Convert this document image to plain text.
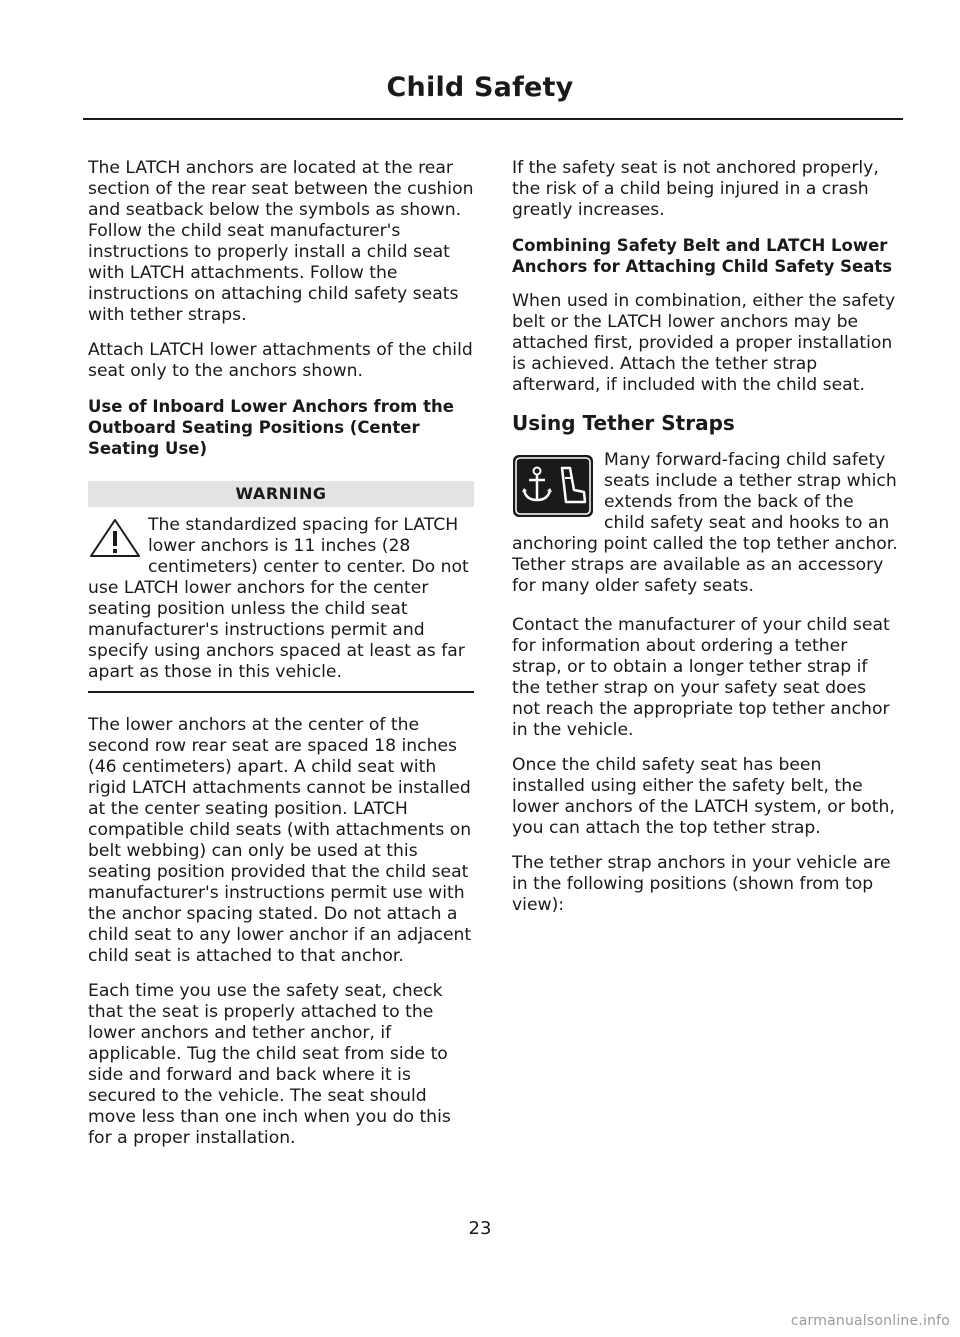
Child Safety

The LATCH anchors are located at the rear section of the rear seat between the cushion and seatback below the symbols as shown. Follow the child seat manufacturer's instructions to properly install a child seat with LATCH attachments. Follow the instructions on attaching child safety seats with tether straps.

Attach LATCH lower attachments of the child seat only to the anchors shown.

Use of Inboard Lower Anchors from the Outboard Seating Positions (Center Seating Use)
WARNING

The standardized spacing for LATCH lower anchors is 11 inches (28 centimeters) center to center. Do not use LATCH lower anchors for the center seating position unless the child seat manufacturer's instructions permit and specify using anchors spaced at least as far apart as those in this vehicle.

The lower anchors at the center of the second row rear seat are spaced 18 inches (46 centimeters) apart. A child seat with rigid LATCH attachments cannot be installed at the center seating position. LATCH compatible child seats (with attachments on belt webbing) can only be used at this seating position provided that the child seat manufacturer's instructions permit use with the anchor spacing stated. Do not attach a child seat to any lower anchor if an adjacent child seat is attached to that anchor.

Each time you use the safety seat, check that the seat is properly attached to the lower anchors and tether anchor, if applicable. Tug the child seat from side to side and forward and back where it is secured to the vehicle. The seat should move less than one inch when you do this for a proper installation.

If the safety seat is not anchored properly, the risk of a child being injured in a crash greatly increases.

Combining Safety Belt and LATCH Lower Anchors for Attaching Child Safety Seats

When used in combination, either the safety belt or the LATCH lower anchors may be attached first, provided a proper installation is achieved. Attach the tether strap afterward, if included with the child seat.

Using Tether Straps

Many forward-facing child safety seats include a tether strap which extends from the back of the child safety seat and hooks to an anchoring point called the top tether anchor. Tether straps are available as an accessory for many older safety seats.

Contact the manufacturer of your child seat for information about ordering a tether strap, or to obtain a longer tether strap if the tether strap on your safety seat does not reach the appropriate top tether anchor in the vehicle.

Once the child safety seat has been installed using either the safety belt, the lower anchors of the LATCH system, or both, you can attach the top tether strap.

The tether strap anchors in your vehicle are in the following positions (shown from top view):

23
carmanualsonline.info
